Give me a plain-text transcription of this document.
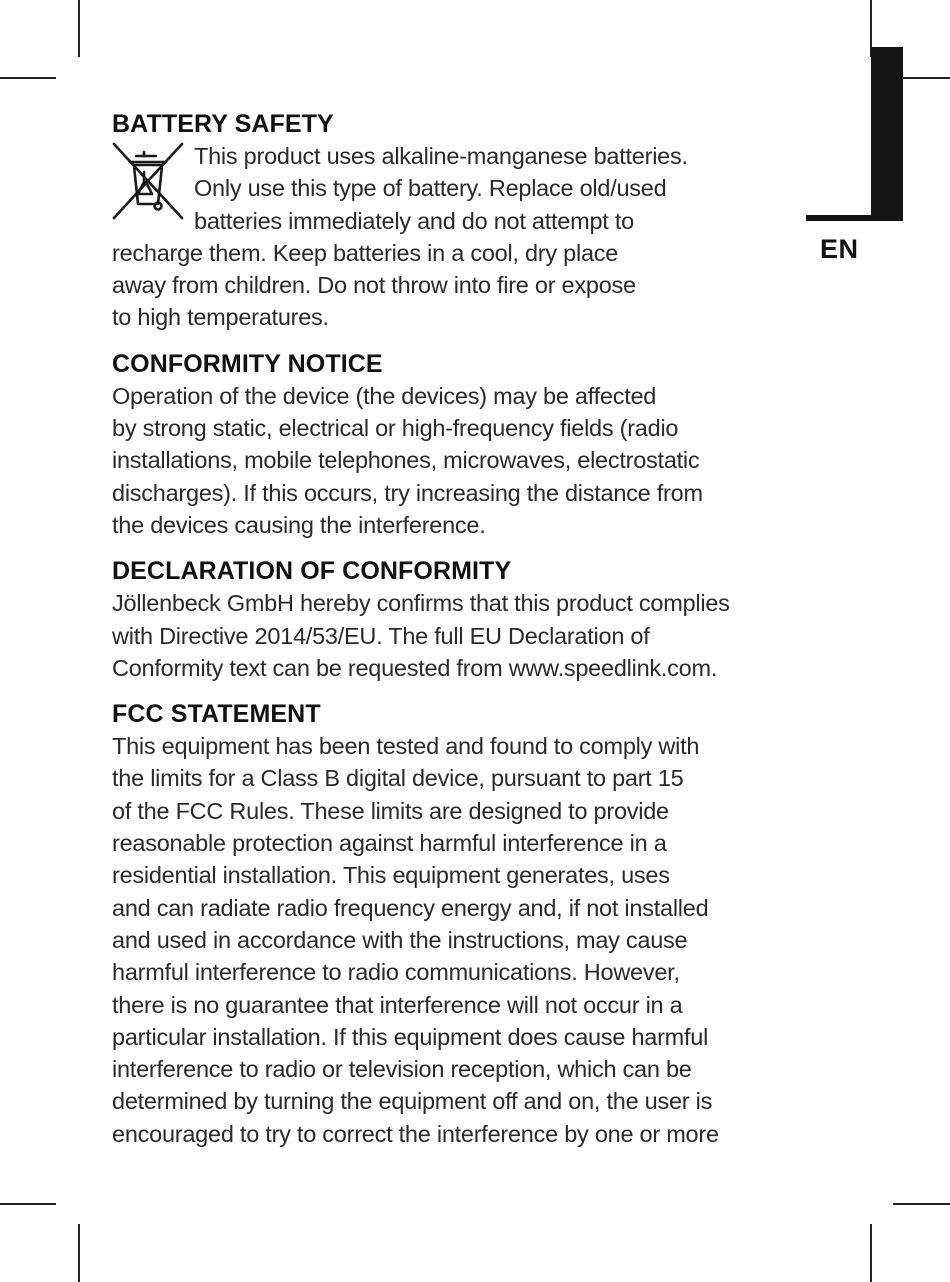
EN
BATTERY SAFETY
This product uses alkaline-manganese batteries.
Only use this type of battery. Replace old/used
batteries immediately and do not attempt to
recharge them. Keep batteries in a cool, dry place
away from children. Do not throw into fire or expose
to high temperatures.
CONFORMITY NOTICE
Operation of the device (the devices) may be affected
by strong static, electrical or high-frequency fields (radio
installations, mobile telephones, microwaves, electrostatic
discharges). If this occurs, try increasing the distance from
the devices causing the interference.
DECLARATION OF CONFORMITY
Jöllenbeck GmbH hereby confirms that this product complies
with Directive 2014/53/EU. The full EU Declaration of
Conformity text can be requested from www.speedlink.com.
FCC STATEMENT
This equipment has been tested and found to comply with
the limits for a Class B digital device, pursuant to part 15
of the FCC Rules. These limits are designed to provide
reasonable protection against harmful interference in a
residential installation. This equipment generates, uses
and can radiate radio frequency energy and, if not installed
and used in accordance with the instructions, may cause
harmful interference to radio communications. However,
there is no guarantee that interference will not occur in a
particular installation. If this equipment does cause harmful
interference to radio or television reception, which can be
determined by turning the equipment off and on, the user is
encouraged to try to correct the interference by one or more
